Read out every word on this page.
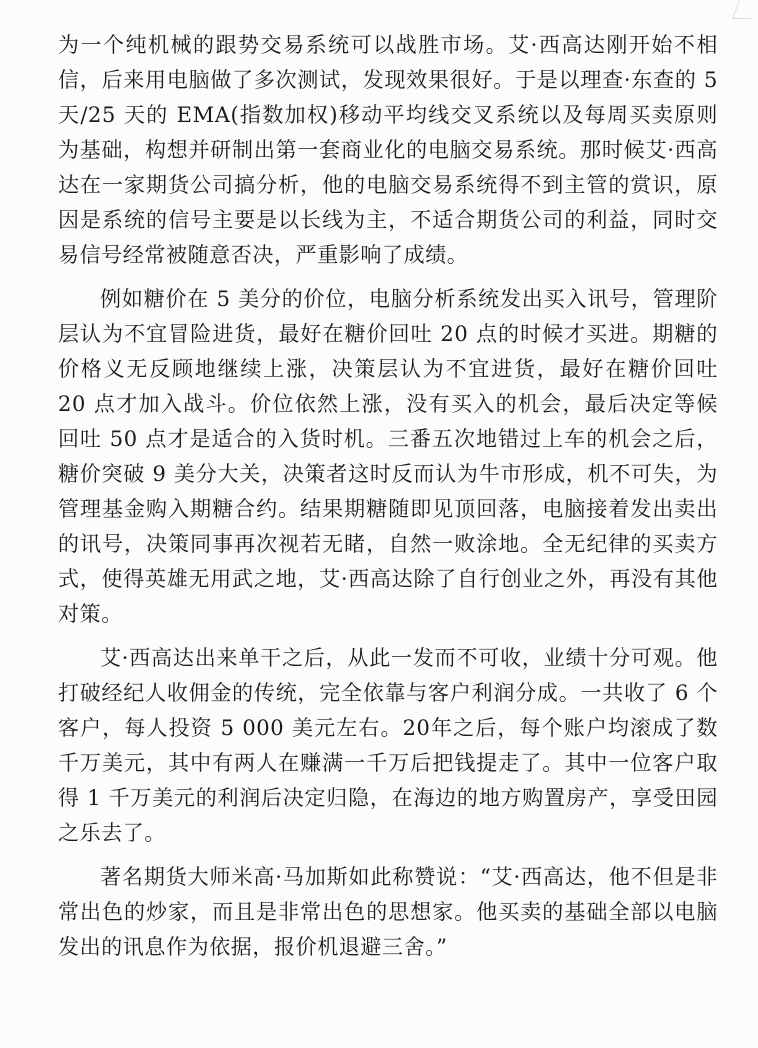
为一个纯机械的跟势交易系统可以战胜市场。艾·西高达刚开始不相信，后来用电脑做了多次测试，发现效果很好。于是以理查·东查的 5 天/25 天的 EMA(指数加权)移动平均线交叉系统以及每周买卖原则为基础，构想并研制出第一套商业化的电脑交易系统。那时候艾·西高达在一家期货公司搞分析，他的电脑交易系统得不到主管的赏识，原因是系统的信号主要是以长线为主，不适合期货公司的利益，同时交易信号经常被随意否决，严重影响了成绩。

例如糖价在 5 美分的价位，电脑分析系统发出买入讯号，管理阶层认为不宜冒险进货，最好在糖价回吐 20 点的时候才买进。期糖的价格义无反顾地继续上涨，决策层认为不宜进货，最好在糖价回吐 20 点才加入战斗。价位依然上涨，没有买入的机会，最后决定等候回吐 50 点才是适合的入货时机。三番五次地错过上车的机会之后，糖价突破 9 美分大关，决策者这时反而认为牛市形成，机不可失，为管理基金购入期糖合约。结果期糖随即见顶回落，电脑接着发出卖出的讯号，决策同事再次视若无睹，自然一败涂地。全无纪律的买卖方式，使得英雄无用武之地，艾·西高达除了自行创业之外，再没有其他对策。

艾·西高达出来单干之后，从此一发而不可收，业绩十分可观。他打破经纪人收佣金的传统，完全依靠与客户利润分成。一共收了 6 个客户，每人投资 5 000 美元左右。20年之后，每个账户均滚成了数千万美元，其中有两人在赚满一千万后把钱提走了。其中一位客户取得 1 千万美元的利润后决定归隐，在海边的地方购置房产，享受田园之乐去了。

著名期货大师米高·马加斯如此称赞说：“艾·西高达，他不但是非常出色的炒家，而且是非常出色的思想家。他买卖的基础全部以电脑发出的讯息作为依据，报价机退避三舍。”
